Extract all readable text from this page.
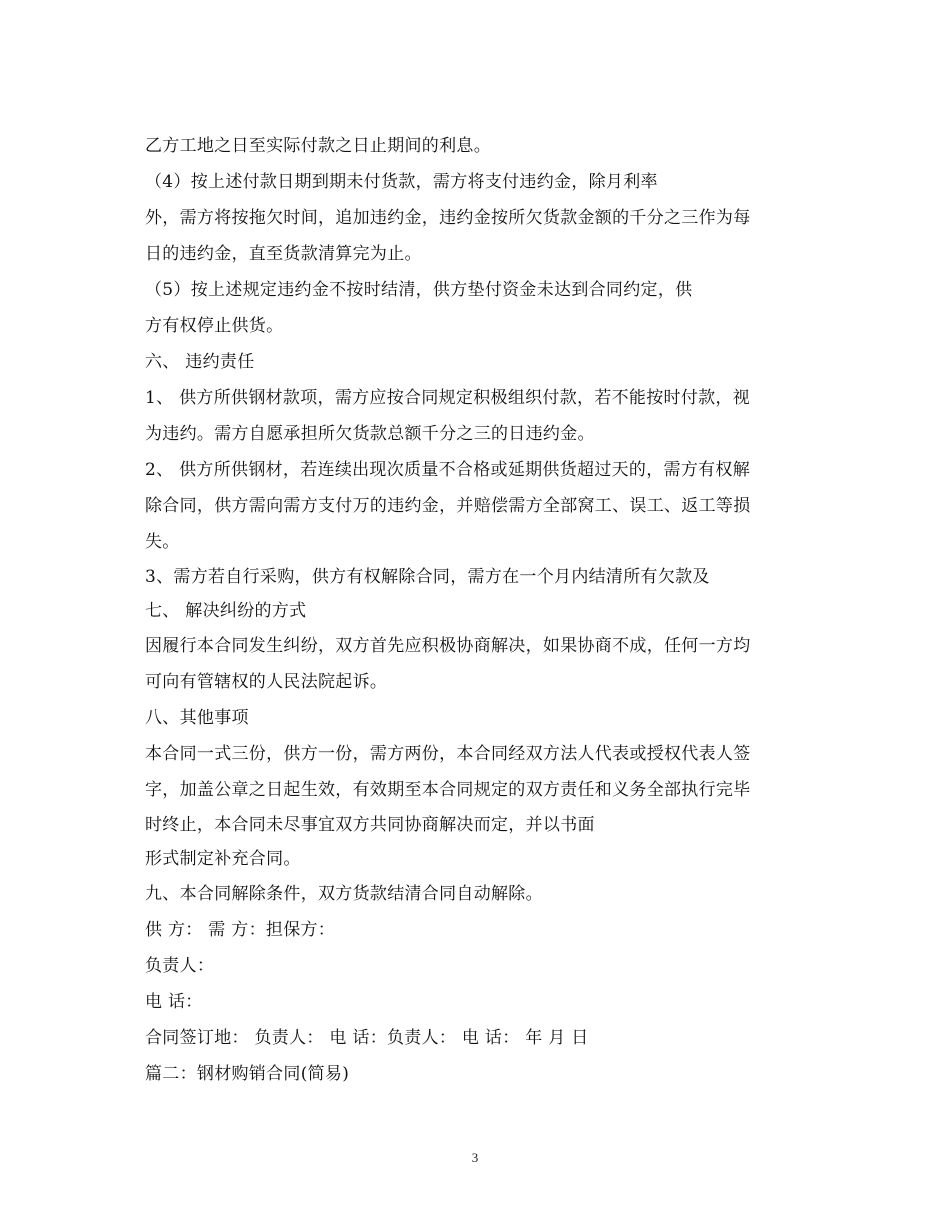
乙方工地之日至实际付款之日止期间的利息。
（4）按上述付款日期到期未付货款，需方将支付违约金，除月利率
外，需方将按拖欠时间，追加违约金，违约金按所欠货款金额的千分之三作为每
日的违约金，直至货款清算完为止。
（5）按上述规定违约金不按时结清，供方垫付资金未达到合同约定，供
方有权停止供货。
六、 违约责任
1、 供方所供钢材款项，需方应按合同规定积极组织付款，若不能按时付款，视
为违约。需方自愿承担所欠货款总额千分之三的日违约金。
2、 供方所供钢材，若连续出现次质量不合格或延期供货超过天的，需方有权解
除合同，供方需向需方支付万的违约金，并赔偿需方全部窝工、误工、返工等损
失。
3、需方若自行采购，供方有权解除合同，需方在一个月内结清所有欠款及
七、 解决纠纷的方式
因履行本合同发生纠纷，双方首先应积极协商解决，如果协商不成，任何一方均
可向有管辖权的人民法院起诉。
八、其他事项
本合同一式三份，供方一份，需方两份，本合同经双方法人代表或授权代表人签
字，加盖公章之日起生效，有效期至本合同规定的双方责任和义务全部执行完毕
时终止，本合同未尽事宜双方共同协商解决而定，并以书面
形式制定补充合同。
九、本合同解除条件，双方货款结清合同自动解除。
供 方： 需 方：担保方：
负责人：
电 话：
合同签订地： 负责人： 电 话：负责人： 电 话： 年 月 日
篇二：钢材购销合同(简易)
3
